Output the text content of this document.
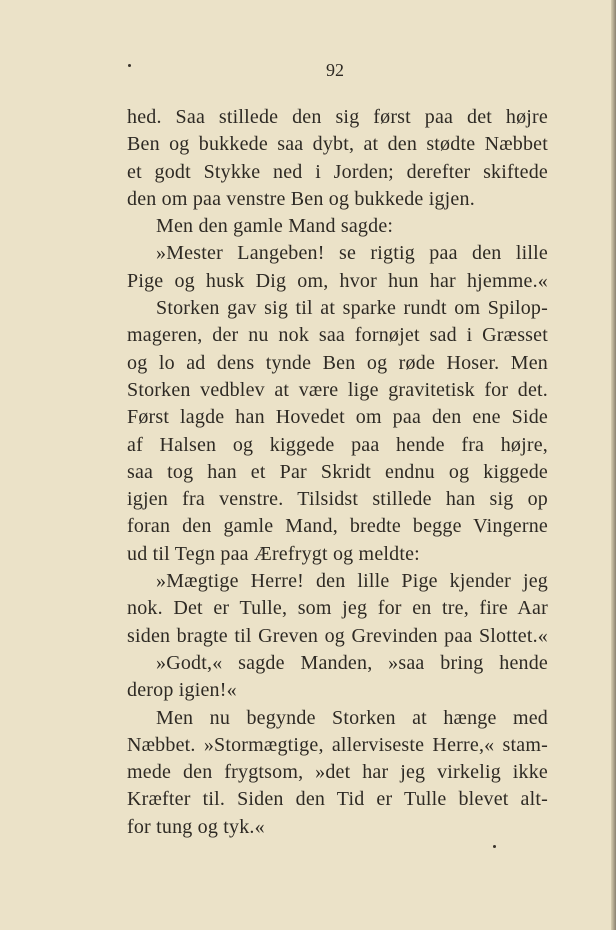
92
hed. Saa stillede den sig først paa det højre
Ben og bukkede saa dybt, at den stødte Næbbet
et godt Stykke ned i Jorden; derefter skiftede
den om paa venstre Ben og bukkede igjen.
Men den gamle Mand sagde:
»Mester Langeben! se rigtig paa den lille
Pige og husk Dig om, hvor hun har hjemme.«
Storken gav sig til at sparke rundt om Spilop-
mageren, der nu nok saa fornøjet sad i Græsset
og lo ad dens tynde Ben og røde Hoser. Men
Storken vedblev at være lige gravitetisk for det.
Først lagde han Hovedet om paa den ene Side
af Halsen og kiggede paa hende fra højre,
saa tog han et Par Skridt endnu og kiggede
igjen fra venstre. Tilsidst stillede han sig op
foran den gamle Mand, bredte begge Vingerne
ud til Tegn paa Ærefrygt og meldte:
»Mægtige Herre! den lille Pige kjender jeg
nok. Det er Tulle, som jeg for en tre, fire Aar
siden bragte til Greven og Grevinden paa Slottet.«
»Godt,« sagde Manden, »saa bring hende
derop igien!«
Men nu begynde Storken at hænge med
Næbbet. »Stormægtige, allerviseste Herre,« stam-
mede den frygtsom, »det har jeg virkelig ikke
Kræfter til. Siden den Tid er Tulle blevet alt-
for tung og tyk.«
